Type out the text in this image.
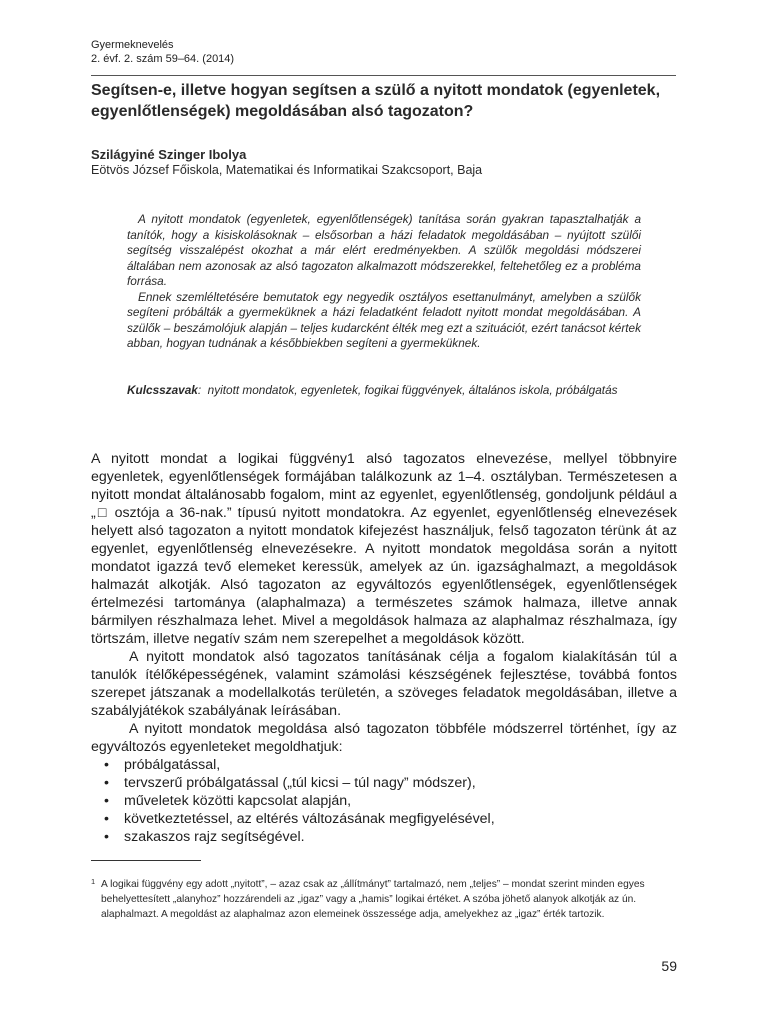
Gyermeknevelés
2. évf. 2. szám 59–64. (2014)
Segítsen-e, illetve hogyan segítsen a szülő a nyitott mondatok (egyenletek, egyenlőtlenségek) megoldásában alsó tagozaton?

Szilágyiné Szinger Ibolya

Eötvös József Főiskola, Matematikai és Informatikai Szakcsoport, Baja

A nyitott mondatok (egyenletek, egyenlőtlenségek) tanítása során gyakran tapasztalhatják a tanítók, hogy a kisiskolásoknak – elsősorban a házi feladatok megoldásában – nyújtott szülői segítség visszalépést okozhat a már elért eredményekben. A szülők megoldási módszerei általában nem azonosak az alsó tagozaton alkalmazott módszerekkel, feltehetőleg ez a probléma forrása.

Ennek szemléltetésére bemutatok egy negyedik osztályos esettanulmányt, amelyben a szülők segíteni próbálták a gyermeküknek a házi feladatként feladott nyitott mondat megoldásában. A szülők – beszámolójuk alapján – teljes kudarcként élték meg ezt a szituációt, ezért tanácsot kértek abban, hogyan tudnának a későbbiekben segíteni a gyermeküknek.

Kulcsszavak:  nyitott mondatok, egyenletek, fogikai függvények, általános iskola, próbálgatás

A nyitott mondat a logikai függvény1 alsó tagozatos elnevezése, mellyel többnyire egyenletek, egyenlőtlenségek formájában találkozunk az 1–4. osztályban. Természetesen a nyitott mondat általánosabb fogalom, mint az egyenlet, egyenlőtlenség, gondoljunk például a „□ osztója a 36-nak.” típusú nyitott mondatokra. Az egyenlet, egyenlőtlenség elnevezések helyett alsó tagozaton a nyitott mondatok kifejezést használjuk, felső tagozaton térünk át az egyenlet, egyenlőtlenség elnevezésekre. A nyitott mondatok megoldása során a nyitott mondatot igazzá tevő elemeket keressük, amelyek az ún. igazsághalmazt, a megoldások halmazát alkotják. Alsó tagozaton az egyváltozós egyenlőtlenségek, egyenlőtlenségek értelmezési tartománya (alaphalmaza) a természetes számok halmaza, illetve annak bármilyen részhalmaza lehet. Mivel a megoldások halmaza az alaphalmaz részhalmaza, így törtszám, illetve negatív szám nem szerepelhet a megoldások között.

A nyitott mondatok alsó tagozatos tanításának célja a fogalom kialakításán túl a tanulók ítélőképességének, valamint számolási készségének fejlesztése, továbbá fontos szerepet játszanak a modellalkotás területén, a szöveges feladatok megoldásában, illetve a szabályjátékok szabályának leírásában.

A nyitott mondatok megoldása alsó tagozaton többféle módszerrel történhet, így az egyváltozós egyenleteket megoldhatjuk:

• próbálgatással,
• tervszerű próbálgatással („túl kicsi – túl nagy” módszer),
• műveletek közötti kapcsolat alapján,
• következtetéssel, az eltérés változásának megfigyelésével,
• szakaszos rajz segítségével.
1 A logikai függvény egy adott „nyitott”, – azaz csak az „állítmányt” tartalmazó, nem „teljes” – mondat szerint minden egyes behelyettesített „alanyhoz” hozzárendeli az „igaz” vagy a „hamis” logikai értéket. A szóba jöhető alanyok alkotják az ún. alaphalmazt. A megoldást az alaphalmaz azon elemeinek összessége adja, amelyekhez az „igaz” érték tartozik.

59
